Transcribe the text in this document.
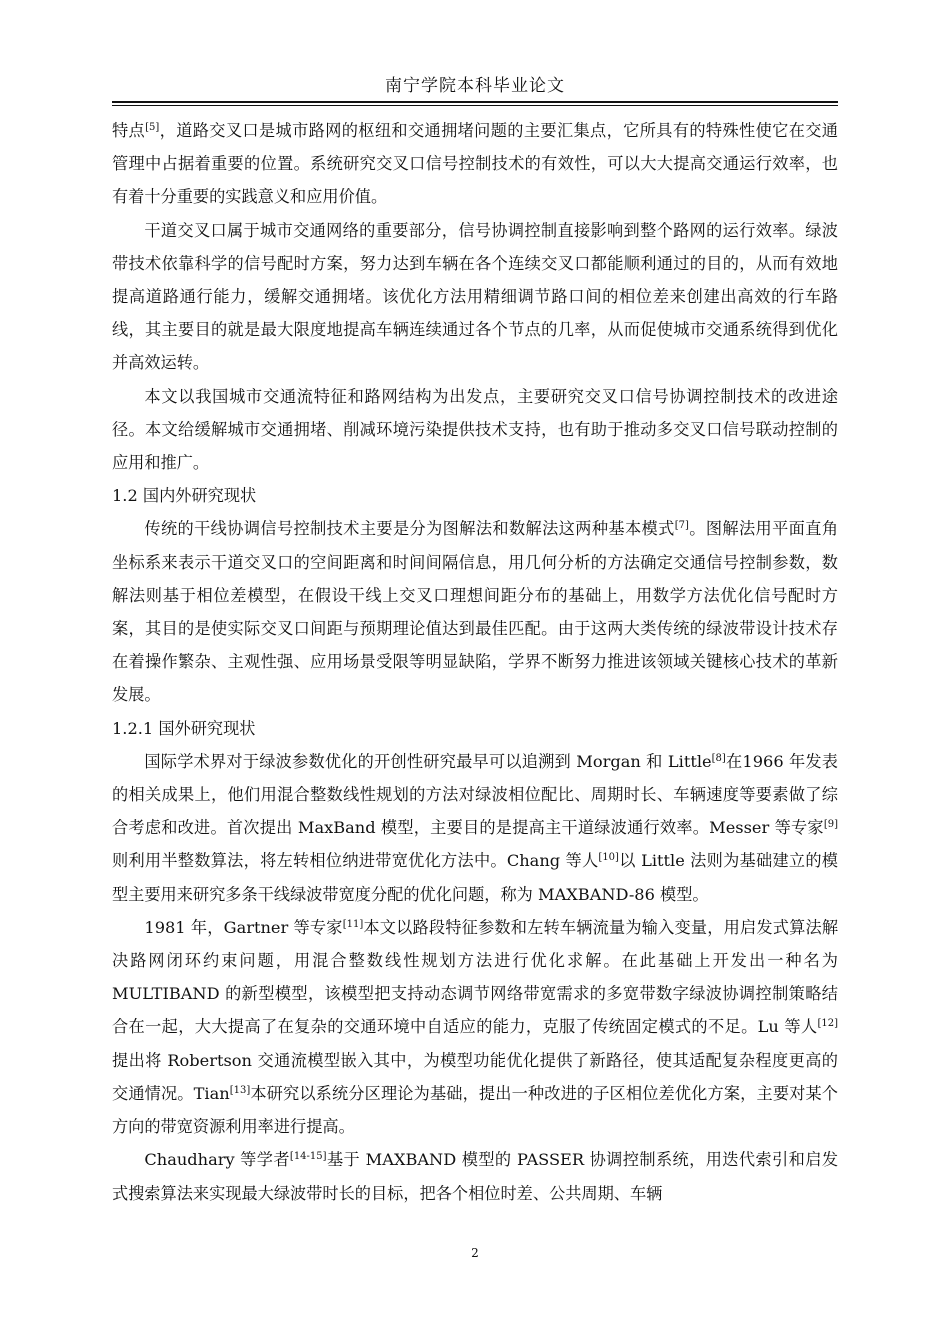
南宁学院本科毕业论文

特点[5]，道路交叉口是城市路网的枢纽和交通拥堵问题的主要汇集点，它所具有的特殊性使它在交通管理中占据着重要的位置。系统研究交叉口信号控制技术的有效性，可以大大提高交通运行效率，也有着十分重要的实践意义和应用价值。

干道交叉口属于城市交通网络的重要部分，信号协调控制直接影响到整个路网的运行效率。绿波带技术依靠科学的信号配时方案，努力达到车辆在各个连续交叉口都能顺利通过的目的，从而有效地提高道路通行能力，缓解交通拥堵。该优化方法用精细调节路口间的相位差来创建出高效的行车路线，其主要目的就是最大限度地提高车辆连续通过各个节点的几率，从而促使城市交通系统得到优化并高效运转。

本文以我国城市交通流特征和路网结构为出发点，主要研究交叉口信号协调控制技术的改进途径。本文给缓解城市交通拥堵、削减环境污染提供技术支持，也有助于推动多交叉口信号联动控制的应用和推广。

1.2 国内外研究现状

传统的干线协调信号控制技术主要是分为图解法和数解法这两种基本模式[7]。图解法用平面直角坐标系来表示干道交叉口的空间距离和时间间隔信息，用几何分析的方法确定交通信号控制参数，数解法则基于相位差模型，在假设干线上交叉口理想间距分布的基础上，用数学方法优化信号配时方案，其目的是使实际交叉口间距与预期理论值达到最佳匹配。由于这两大类传统的绿波带设计技术存在着操作繁杂、主观性强、应用场景受限等明显缺陷，学界不断努力推进该领域关键核心技术的革新发展。

1.2.1 国外研究现状

国际学术界对于绿波参数优化的开创性研究最早可以追溯到 Morgan 和 Little[8]在1966 年发表的相关成果上，他们用混合整数线性规划的方法对绿波相位配比、周期时长、车辆速度等要素做了综合考虑和改进。首次提出 MaxBand 模型，主要目的是提高主干道绿波通行效率。Messer 等专家[9]则利用半整数算法，将左转相位纳进带宽优化方法中。Chang 等人[10]以 Little 法则为基础建立的模型主要用来研究多条干线绿波带宽度分配的优化问题，称为 MAXBAND-86 模型。

1981 年，Gartner 等专家[11]本文以路段特征参数和左转车辆流量为输入变量，用启发式算法解决路网闭环约束问题，用混合整数线性规划方法进行优化求解。在此基础上开发出一种名为 MULTIBAND 的新型模型，该模型把支持动态调节网络带宽需求的多宽带数字绿波协调控制策略结合在一起，大大提高了在复杂的交通环境中自适应的能力，克服了传统固定模式的不足。Lu 等人[12]提出将 Robertson 交通流模型嵌入其中，为模型功能优化提供了新路径，使其适配复杂程度更高的交通情况。Tian[13]本研究以系统分区理论为基础，提出一种改进的子区相位差优化方案，主要对某个方向的带宽资源利用率进行提高。

Chaudhary 等学者[14-15]基于 MAXBAND 模型的 PASSER 协调控制系统，用迭代索引和启发式搜索算法来实现最大绿波带时长的目标，把各个相位时差、公共周期、车辆

2
